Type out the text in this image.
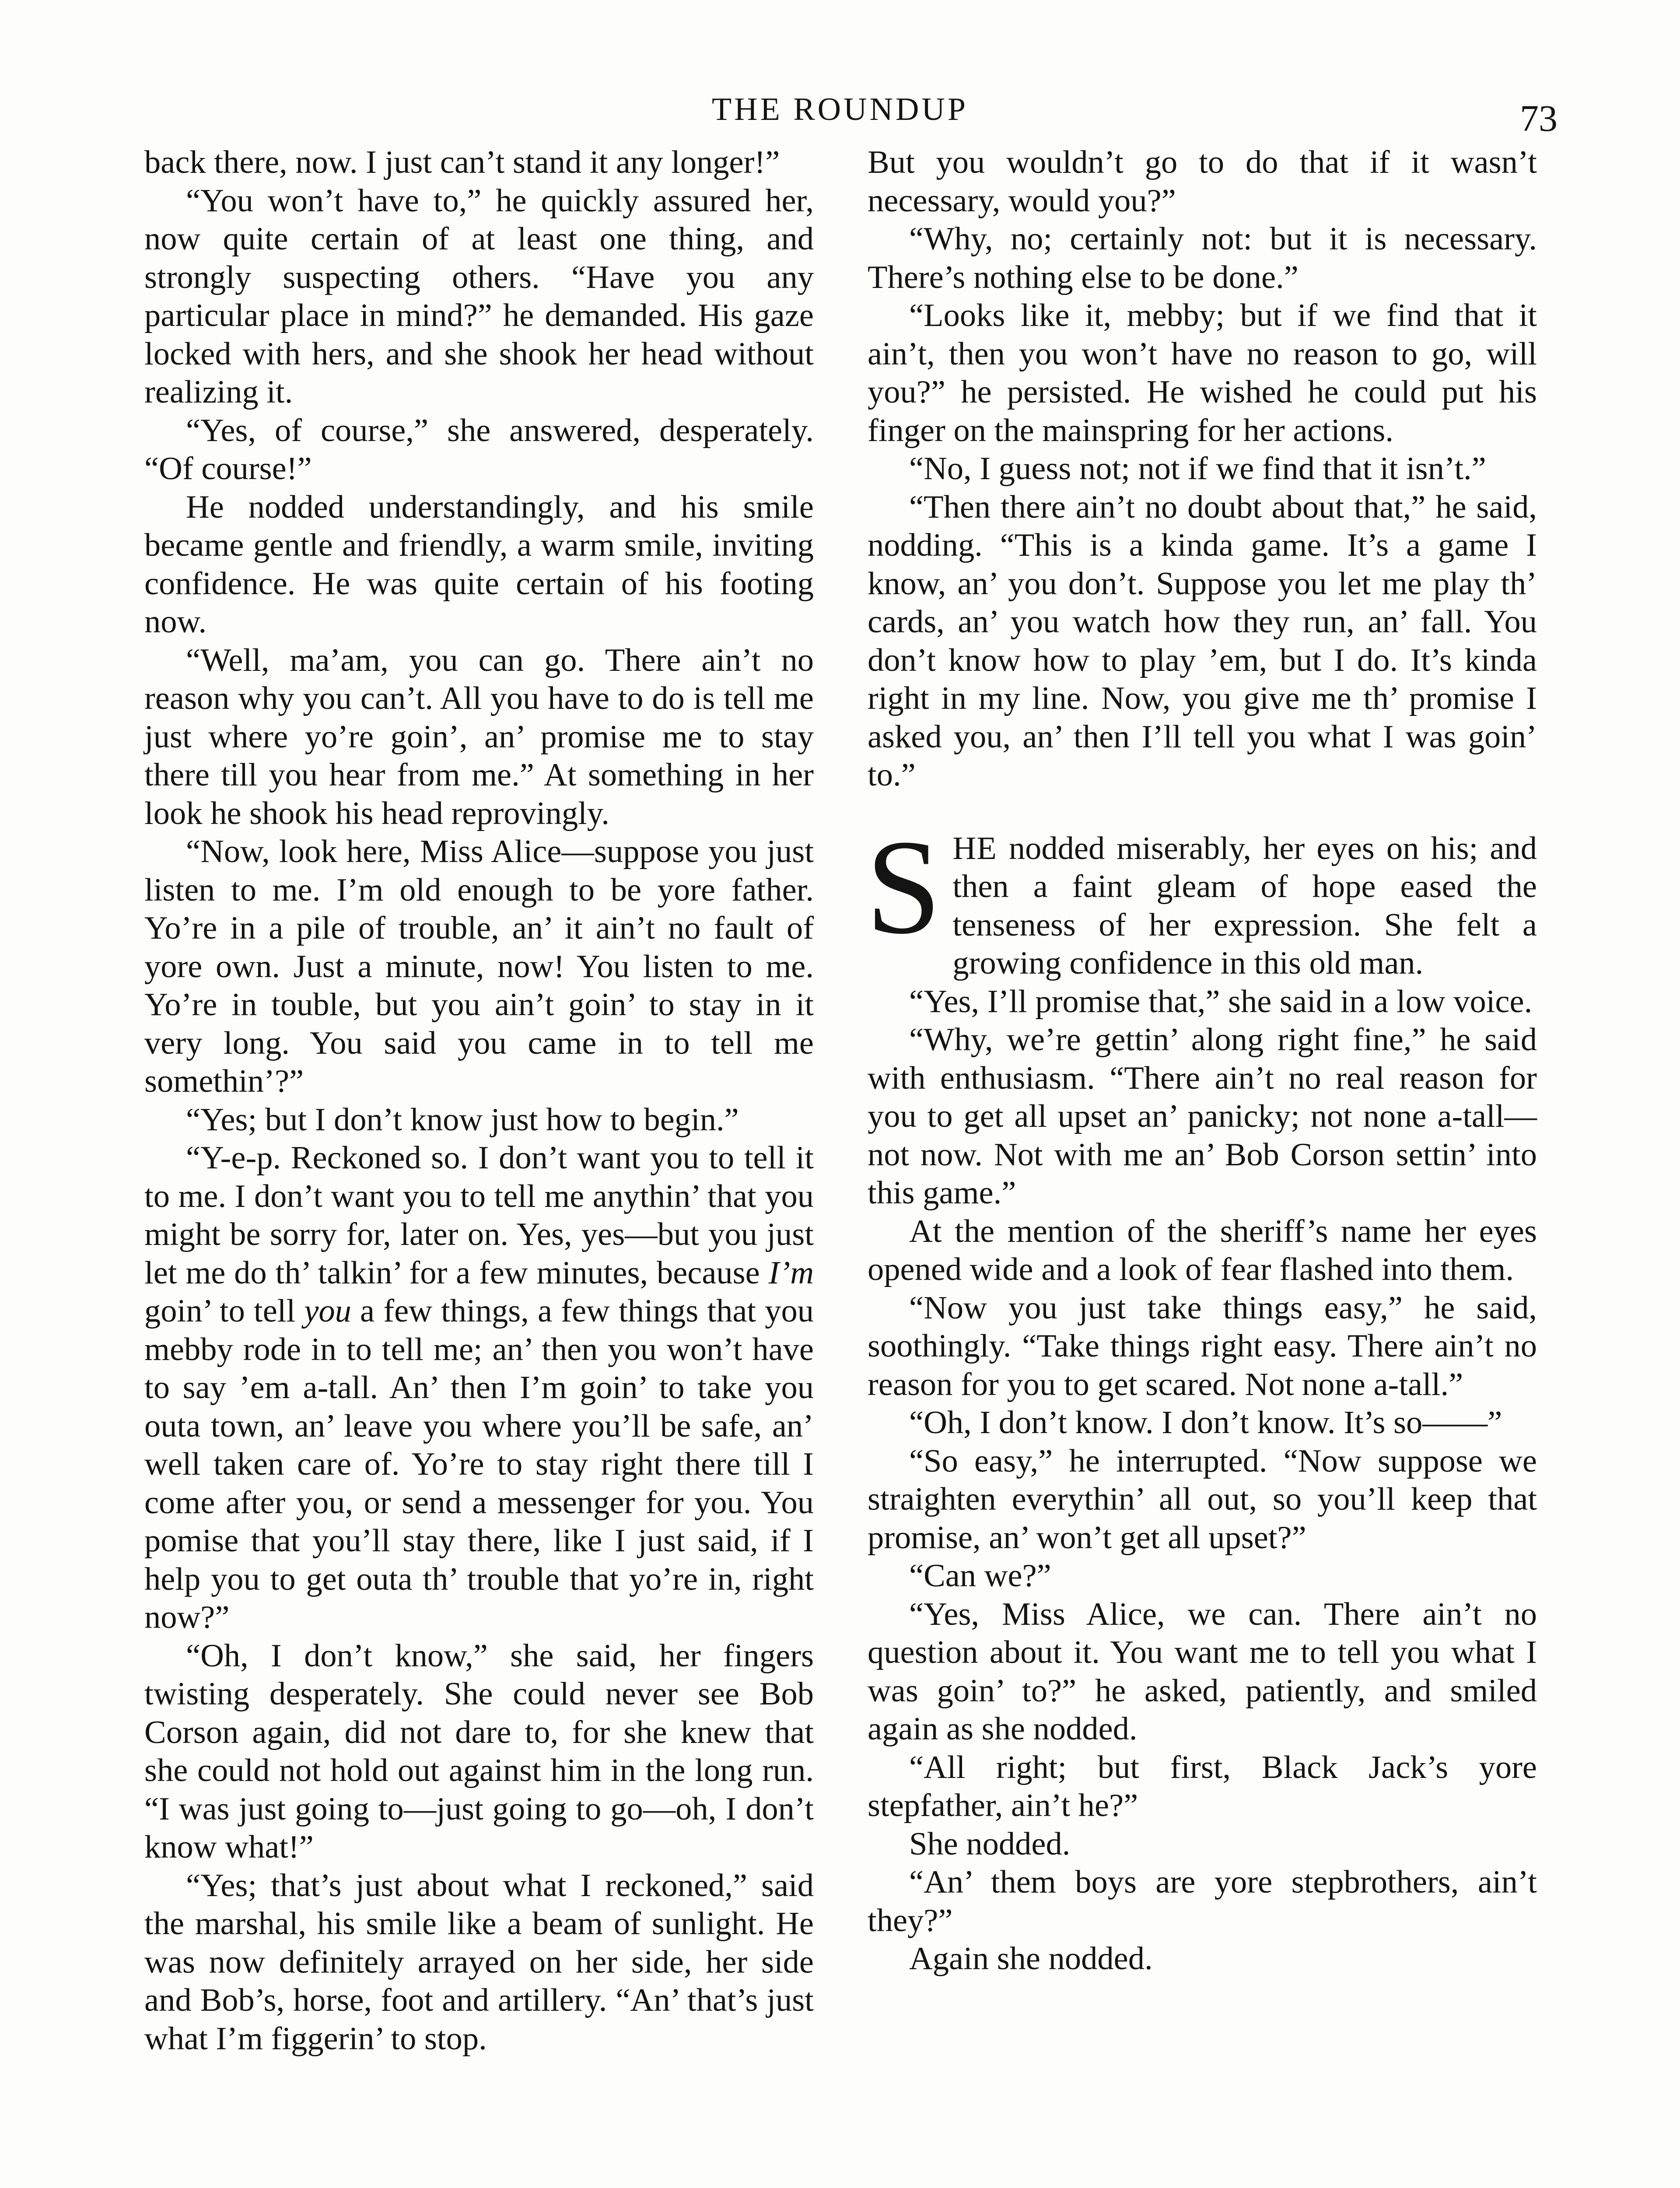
THE ROUNDUP	73

back there, now. I just can’t stand it any longer!”

“You won’t have to,” he quickly assured her, now quite certain of at least one thing, and strongly suspecting others. “Have you any particular place in mind?” he demanded. His gaze locked with hers, and she shook her head without realizing it.

“Yes, of course,” she answered, desperately. “Of course!”

He nodded understandingly, and his smile became gentle and friendly, a warm smile, inviting confidence. He was quite certain of his footing now.

“Well, ma’am, you can go. There ain’t no reason why you can’t. All you have to do is tell me just where yo’re goin’, an’ promise me to stay there till you hear from me.” At something in her look he shook his head reprovingly.

“Now, look here, Miss Alice—suppose you just listen to me. I’m old enough to be yore father. Yo’re in a pile of trouble, an’ it ain’t no fault of yore own. Just a minute, now! You listen to me. Yo’re in touble, but you ain’t goin’ to stay in it very long. You said you came in to tell me somethin’?”

“Yes; but I don’t know just how to begin.”

“Y-e-p. Reckoned so. I don’t want you to tell it to me. I don’t want you to tell me anythin’ that you might be sorry for, later on. Yes, yes—but you just let me do th’ talkin’ for a few minutes, because I’m goin’ to tell you a few things, a few things that you mebby rode in to tell me; an’ then you won’t have to say ’em a-tall. An’ then I’m goin’ to take you outa town, an’ leave you where you’ll be safe, an’ well taken care of. Yo’re to stay right there till I come after you, or send a messenger for you. You pomise that you’ll stay there, like I just said, if I help you to get outa th’ trouble that yo’re in, right now?”

“Oh, I don’t know,” she said, her fingers twisting desperately. She could never see Bob Corson again, did not dare to, for she knew that she could not hold out against him in the long run. “I was just going to—just going to go—oh, I don’t know what!”

“Yes; that’s just about what I reckoned,” said the marshal, his smile like a beam of sunlight. He was now definitely arrayed on her side, her side and Bob’s, horse, foot and artillery. “An’ that’s just what I’m figgerin’ to stop.

But you wouldn’t go to do that if it wasn’t necessary, would you?”

“Why, no; certainly not: but it is necessary. There’s nothing else to be done.”

“Looks like it, mebby; but if we find that it ain’t, then you won’t have no reason to go, will you?” he persisted. He wished he could put his finger on the mainspring for her actions.

“No, I guess not; not if we find that it isn’t.”

“Then there ain’t no doubt about that,” he said, nodding. “This is a kinda game. It’s a game I know, an’ you don’t. Suppose you let me play th’ cards, an’ you watch how they run, an’ fall. You don’t know how to play ’em, but I do. It’s kinda right in my line. Now, you give me th’ promise I asked you, an’ then I’ll tell you what I was goin’ to.”

SHE nodded miserably, her eyes on his; and then a faint gleam of hope eased the tenseness of her expression. She felt a growing confidence in this old man.

“Yes, I’ll promise that,” she said in a low voice.

“Why, we’re gettin’ along right fine,” he said with enthusiasm. “There ain’t no real reason for you to get all upset an’ panicky; not none a-tall—not now. Not with me an’ Bob Corson settin’ into this game.”

At the mention of the sheriff’s name her eyes opened wide and a look of fear flashed into them.

“Now you just take things easy,” he said, soothingly. “Take things right easy. There ain’t no reason for you to get scared. Not none a-tall.”

“Oh, I don’t know. I don’t know. It’s so——”

“So easy,” he interrupted. “Now suppose we straighten everythin’ all out, so you’ll keep that promise, an’ won’t get all upset?”

“Can we?”

“Yes, Miss Alice, we can. There ain’t no question about it. You want me to tell you what I was goin’ to?” he asked, patiently, and smiled again as she nodded.

“All right; but first, Black Jack’s yore stepfather, ain’t he?”

She nodded.

“An’ them boys are yore stepbrothers, ain’t they?”

Again she nodded.
